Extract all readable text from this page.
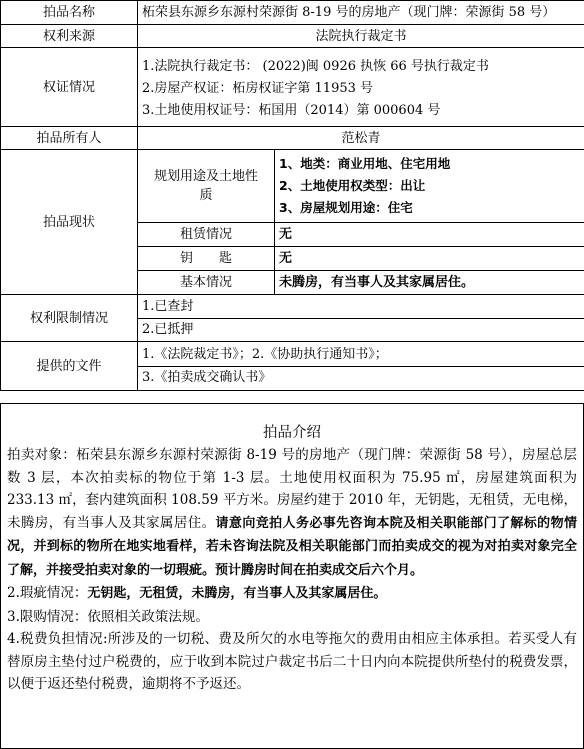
拍品名称	柘荣县东源乡东源村荣源街 8-19 号的房地产（现门牌：荣源街 58 号）	
权利来源	法院执行裁定书	
权证情况	1.法院执行裁定书： (2022)闽 0926 执恢 66 号执行裁定书
2.房屋产权证：柘房权证字第 11953 号
3.土地使用权证号：柘国用（2014）第 000604 号	

拍品所有人	范松青	
拍品现状	规划用途及土地性质	1、地类：商业用地、住宅用地
2、土地使用权类型：出让
3、房屋规划用途：住宅

	租赁情况	无
	钥　　匙	无
	基本情况	未腾房，有当事人及其家属居住。
权利限制情况	1.已查封
2.已抵押	

提供的文件	1.《法院裁定书》；2.《协助执行通知书》；
3.《拍卖成交确认书》	
拍品介绍
拍卖对象：柘荣县东源乡东源村荣源街 8-19 号的房地产（现门牌：荣源街 58 号），房屋总层数 3 层，本次拍卖标的物位于第 1-3 层。土地使用权面积为 75.95 ㎡，房屋建筑面积为 233.13 ㎡，套内建筑面积 108.59 平方米。房屋约建于 2010 年，无钥匙，无租赁，无电梯，未腾房，有当事人及其家属居住。请意向竞拍人务必事先咨询本院及相关职能部门了解标的物情况，并到标的物所在地实地看样，若未咨询法院及相关职能部门而拍卖成交的视为对拍卖对象完全了解，并接受拍卖对象的一切瑕疵。预计腾房时间在拍卖成交后六个月。
2.瑕疵情况：无钥匙，无租赁，未腾房，有当事人及其家属居住。
3.限购情况：依照相关政策法规。
4.税费负担情况:所涉及的一切税、费及所欠的水电等拖欠的费用由相应主体承担。若买受人有替原房主垫付过户税费的，应于收到本院过户裁定书后二十日内向本院提供所垫付的税费发票，以便于返还垫付税费，逾期将不予返还。
